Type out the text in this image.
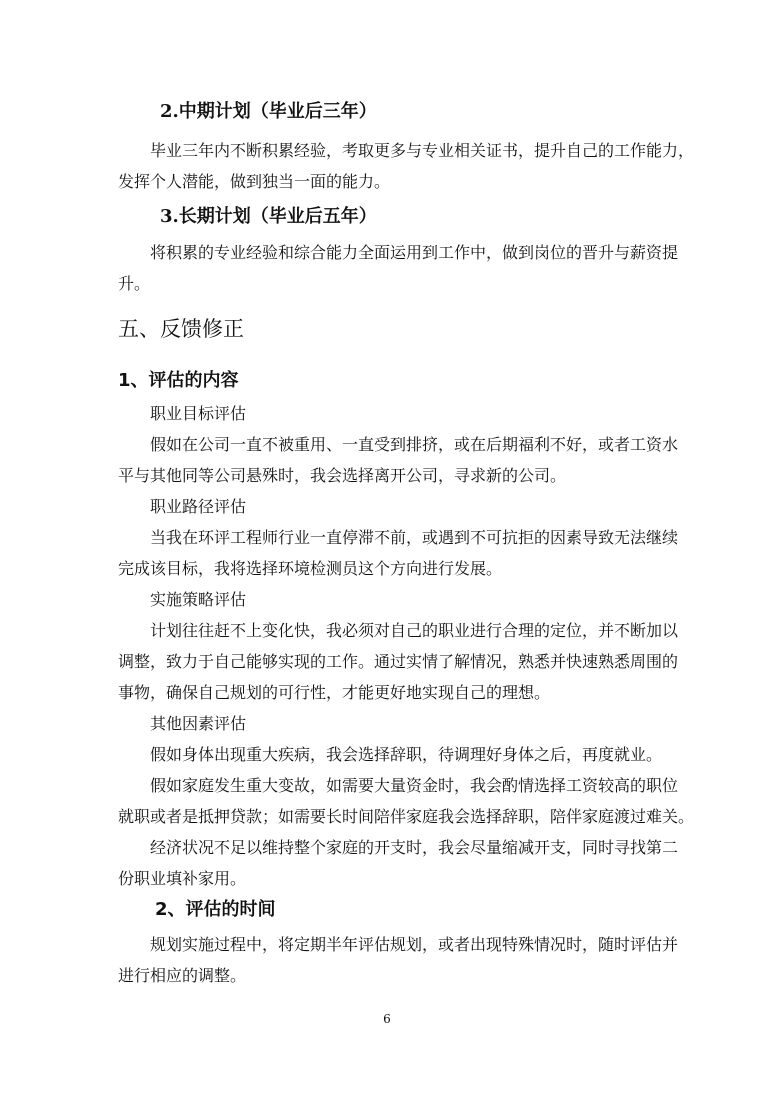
2.中期计划（毕业后三年）
毕业三年内不断积累经验，考取更多与专业相关证书，提升自己的工作能力，
发挥个人潜能，做到独当一面的能力。
3.长期计划（毕业后五年）
将积累的专业经验和综合能力全面运用到工作中，做到岗位的晋升与薪资提
升。
五、反馈修正
1、评估的内容
职业目标评估
假如在公司一直不被重用、一直受到排挤，或在后期福利不好，或者工资水
平与其他同等公司悬殊时，我会选择离开公司，寻求新的公司。
职业路径评估
当我在环评工程师行业一直停滞不前，或遇到不可抗拒的因素导致无法继续
完成该目标，我将选择环境检测员这个方向进行发展。
实施策略评估
计划往往赶不上变化快，我必须对自己的职业进行合理的定位，并不断加以
调整，致力于自己能够实现的工作。通过实情了解情况，熟悉并快速熟悉周围的
事物，确保自己规划的可行性，才能更好地实现自己的理想。
其他因素评估
假如身体出现重大疾病，我会选择辞职，待调理好身体之后，再度就业。
假如家庭发生重大变故，如需要大量资金时，我会酌情选择工资较高的职位
就职或者是抵押贷款；如需要长时间陪伴家庭我会选择辞职，陪伴家庭渡过难关。
经济状况不足以维持整个家庭的开支时，我会尽量缩减开支，同时寻找第二
份职业填补家用。
2、评估的时间
规划实施过程中，将定期半年评估规划，或者出现特殊情况时，随时评估并
进行相应的调整。
6
